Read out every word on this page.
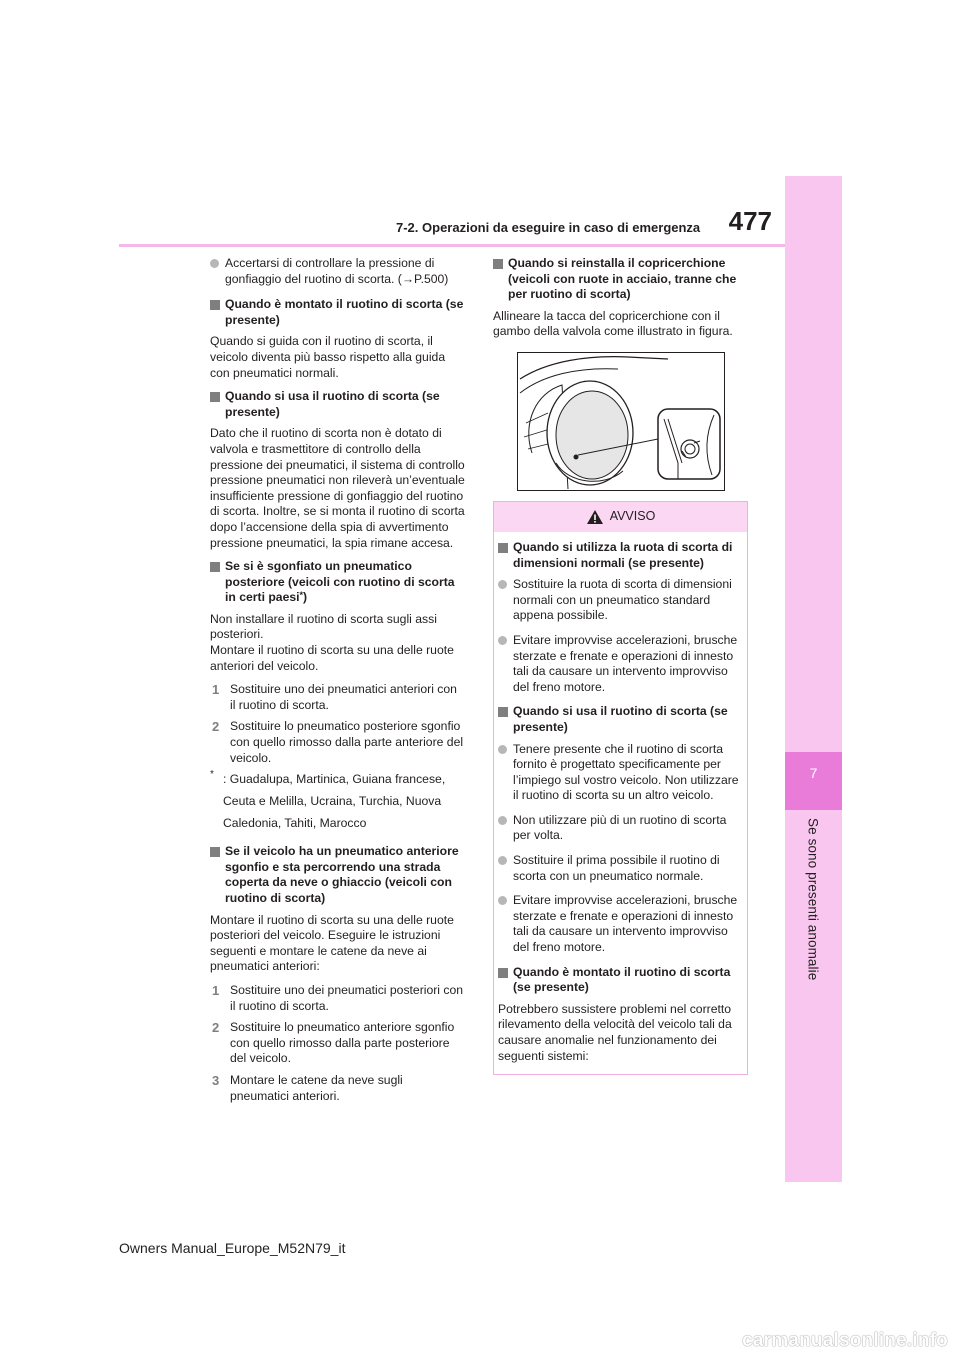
7
Se sono presenti anomalie
477
7-2. Operazioni da eseguire in caso di emergenza

Accertarsi di controllare la pressione di gonfiaggio del ruotino di scorta. (→P.500)

Quando è montato il ruotino di scorta (se presente)

Quando si guida con il ruotino di scorta, il veicolo diventa più basso rispetto alla guida con pneumatici normali.

Quando si usa il ruotino di scorta (se presente)

Dato che il ruotino di scorta non è dotato di valvola e trasmettitore di controllo della pressione dei pneumatici, il sistema di controllo pressione pneumatici non rileverà un’eventuale insufficiente pressione di gonfiaggio del ruotino di scorta. Inoltre, se si monta il ruotino di scorta dopo l’accensione della spia di avvertimento pressione pneumatici, la spia rimane accesa.

Se si è sgonfiato un pneumatico posteriore (veicoli con ruotino di scorta in certi paesi*)

Non installare il ruotino di scorta sugli assi posteriori.

Montare il ruotino di scorta su una delle ruote anteriori del veicolo.

1 Sostituire uno dei pneumatici anteriori con il ruotino di scorta.
2 Sostituire lo pneumatico posteriore sgonfio con quello rimosso dalla parte anteriore del veicolo.

* : Guadalupa, Martinica, Guiana francese, Ceuta e Melilla, Ucraina, Turchia, Nuova Caledonia, Tahiti, Marocco

Se il veicolo ha un pneumatico anteriore sgonfio e sta percorrendo una strada coperta da neve o ghiaccio (veicoli con ruotino di scorta)

Montare il ruotino di scorta su una delle ruote posteriori del veicolo. Eseguire le istruzioni seguenti e montare le catene da neve ai pneumatici anteriori:

1 Sostituire uno dei pneumatici posteriori con il ruotino di scorta.
2 Sostituire lo pneumatico anteriore sgonfio con quello rimosso dalla parte posteriore del veicolo.
3 Montare le catene da neve sugli pneumatici anteriori.

Quando si reinstalla il copricerchione (veicoli con ruote in acciaio, tranne che per ruotino di scorta)

Allineare la tacca del copricerchione con il gambo della valvola come illustrato in figura.

AVVISO

Quando si utilizza la ruota di scorta di dimensioni normali (se presente)

Sostituire la ruota di scorta di dimensioni normali con un pneumatico standard appena possibile.

Evitare improvvise accelerazioni, brusche sterzate e frenate e operazioni di innesto tali da causare un intervento improvviso del freno motore.

Quando si usa il ruotino di scorta (se presente)

Tenere presente che il ruotino di scorta fornito è progettato specificamente per l’impiego sul vostro veicolo. Non utilizzare il ruotino di scorta su un altro veicolo.

Non utilizzare più di un ruotino di scorta per volta.

Sostituire il prima possibile il ruotino di scorta con un pneumatico normale.

Evitare improvvise accelerazioni, brusche sterzate e frenate e operazioni di innesto tali da causare un intervento improvviso del freno motore.

Quando è montato il ruotino di scorta (se presente)

Potrebbero sussistere problemi nel corretto rilevamento della velocità del veicolo tali da causare anomalie nel funzionamento dei seguenti sistemi:

Owners Manual_Europe_M52N79_it
carmanualsonline.info
